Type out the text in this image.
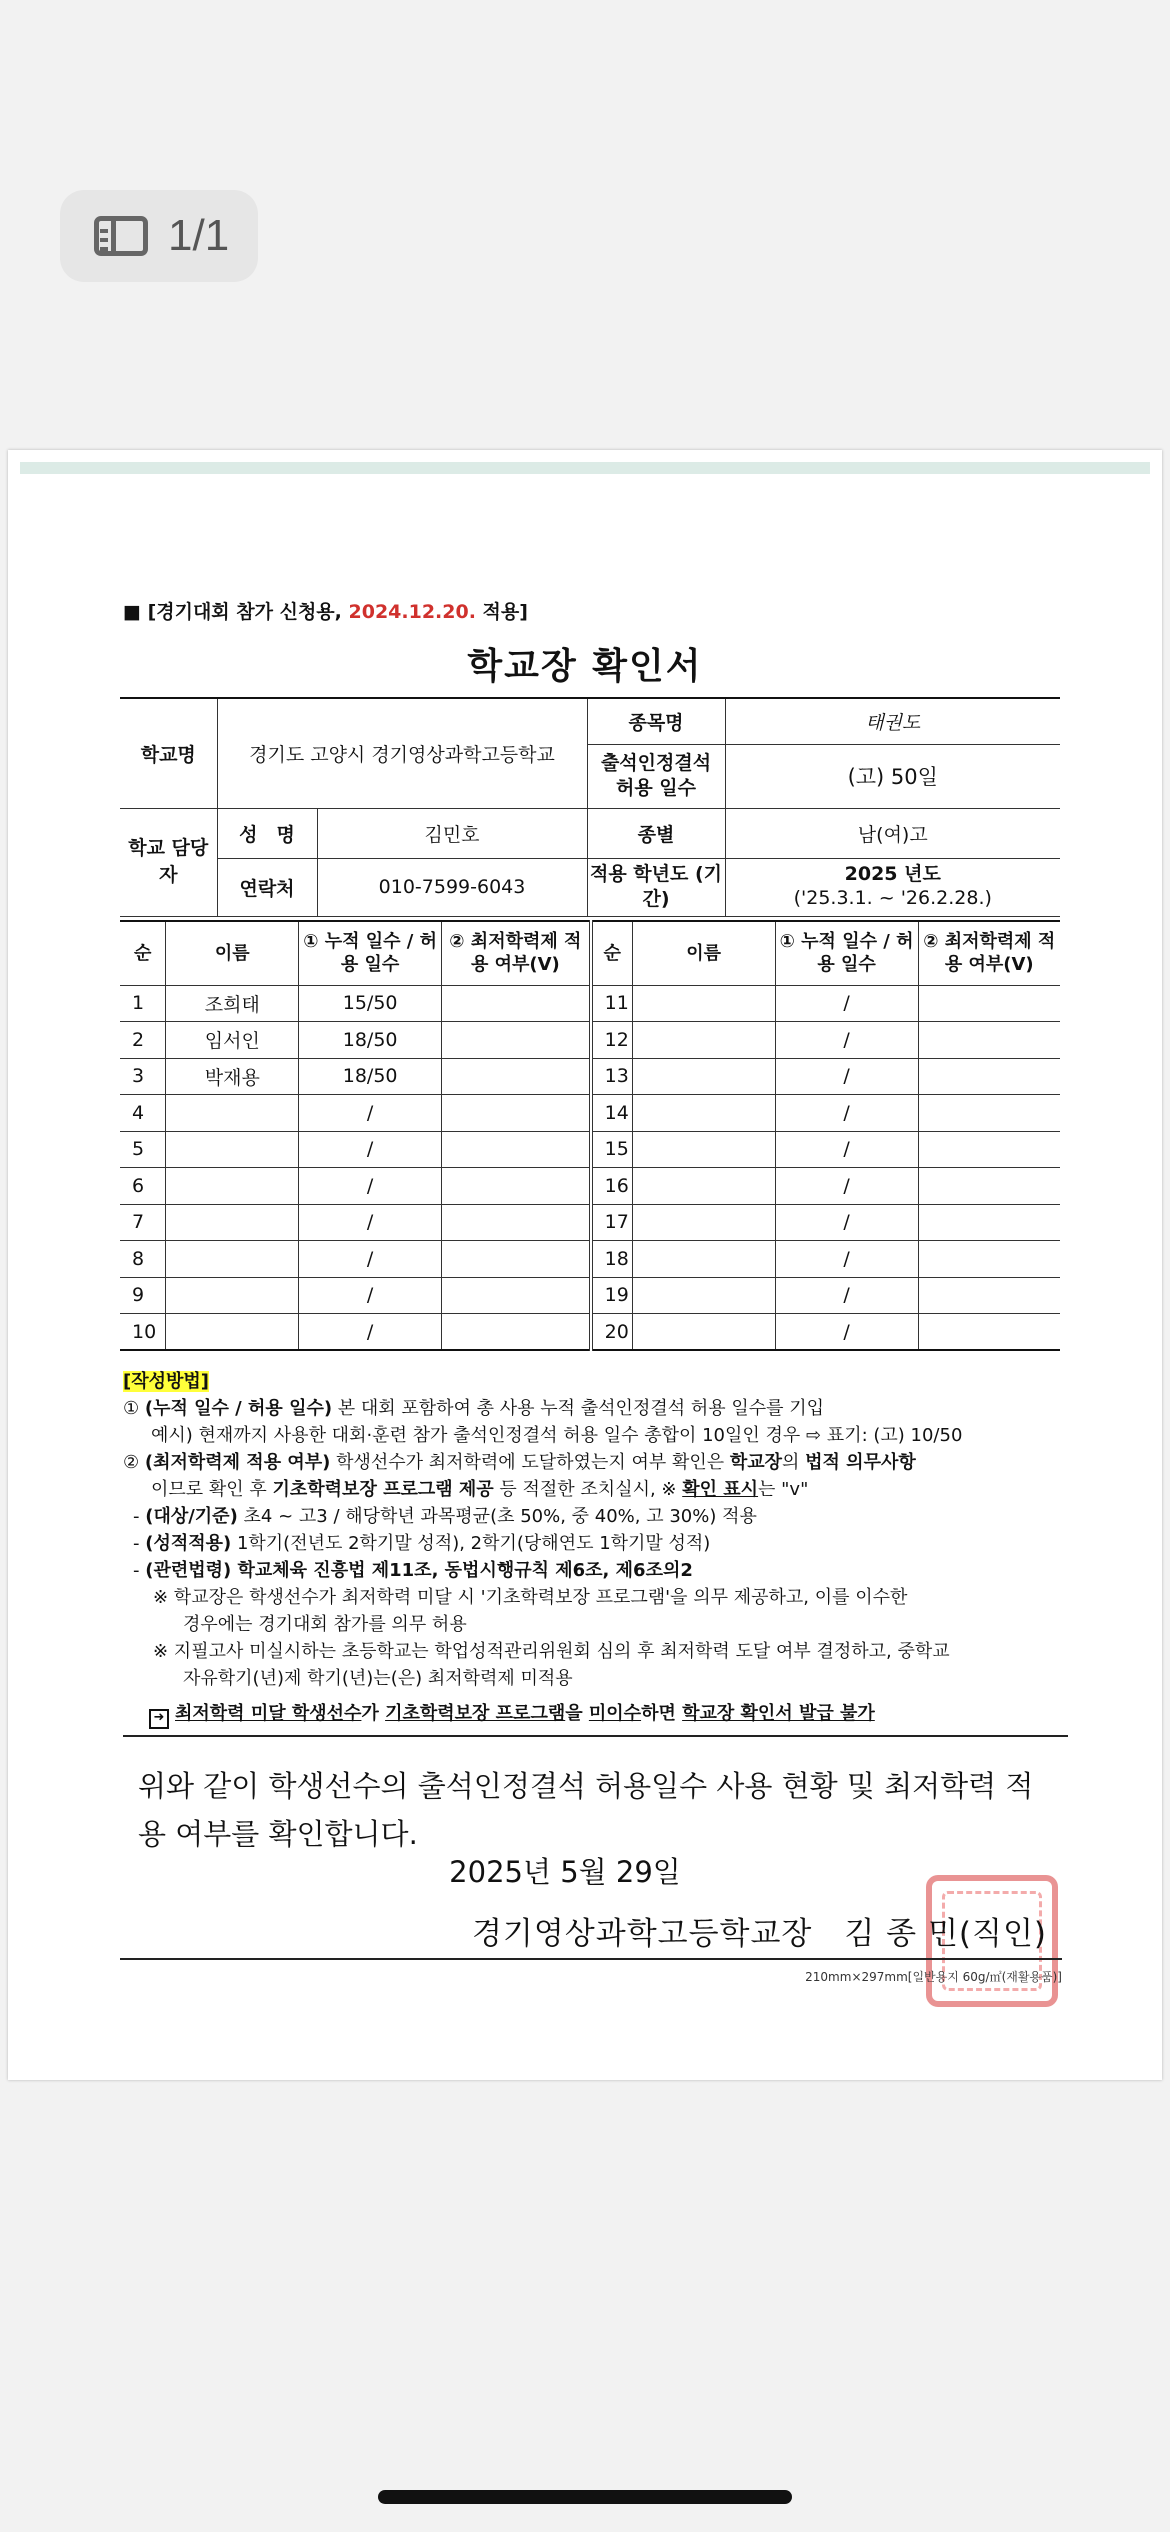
1/1
■ [경기대회 참가 신청용, 2024.12.20. 적용]
학교장 확인서
학교명	경기도 고양시 경기영상과학고등학교		종목명	태권도
			출석인정결석 허용 일수	(고) 50일
학교 담당자	성　명	김민호	종별	남(여)고
	연락처	010-7599-6043	적용 학년도 (기간)	2025 년도
('25.3.1. ~ '26.2.28.)
순	이름	① 누적 일수 / 허용 일수	② 최저학력제 적용 여부(V)	순	이름	① 누적 일수 / 허용 일수	② 최저학력제 적용 여부(V)
1	조희태	15/50		11		/	
2	임서인	18/50		12		/	
3	박재용	18/50		13		/	
4		/		14		/	
5		/		15		/	
6		/		16		/	
7		/		17		/	
8		/		18		/	
9		/		19		/	
10		/		20		/	

[작성방법]

① (누적 일수 / 허용 일수) 본 대회 포함하여 총 사용 누적 출석인정결석 허용 일수를 기입

예시) 현재까지 사용한 대회·훈련 참가 출석인정결석 허용 일수 총합이 10일인 경우 ⇨ 표기: (고) 10/50

② (최저학력제 적용 여부) 학생선수가 최저학력에 도달하였는지 여부 확인은 학교장의 법적 의무사항

이므로 확인 후 기초학력보장 프로그램 제공 등 적절한 조치실시, ※ 확인 표시는 "v"

- (대상/기준) 초4 ~ 고3 / 해당학년 과목평균(초 50%, 중 40%, 고 30%) 적용

- (성적적용) 1학기(전년도 2학기말 성적), 2학기(당해연도 1학기말 성적)

- (관련법령) 학교체육 진흥법 제11조, 동법시행규칙 제6조, 제6조의2

※ 학교장은 학생선수가 최저학력 미달 시 '기초학력보장 프로그램'을 의무 제공하고, 이를 이수한

경우에는 경기대회 참가를 의무 허용

※ 지필고사 미실시하는 초등학교는 학업성적관리위원회 심의 후 최저학력 도달 여부 결정하고, 중학교

자유학기(년)제 학기(년)는(은) 최저학력제 미적용

➜ 최저학력 미달 학생선수가 기초학력보장 프로그램을 미이수하면 학교장 확인서 발급 불가

위와 같이 학생선수의 출석인정결석 허용일수 사용 현황 및 최저학력 적용 여부를 확인합니다.
2025년 5월 29일
경기영상과학고등학교장　김 종 민(직인)
210mm×297mm[일반용지 60g/㎡(재활용품)]
